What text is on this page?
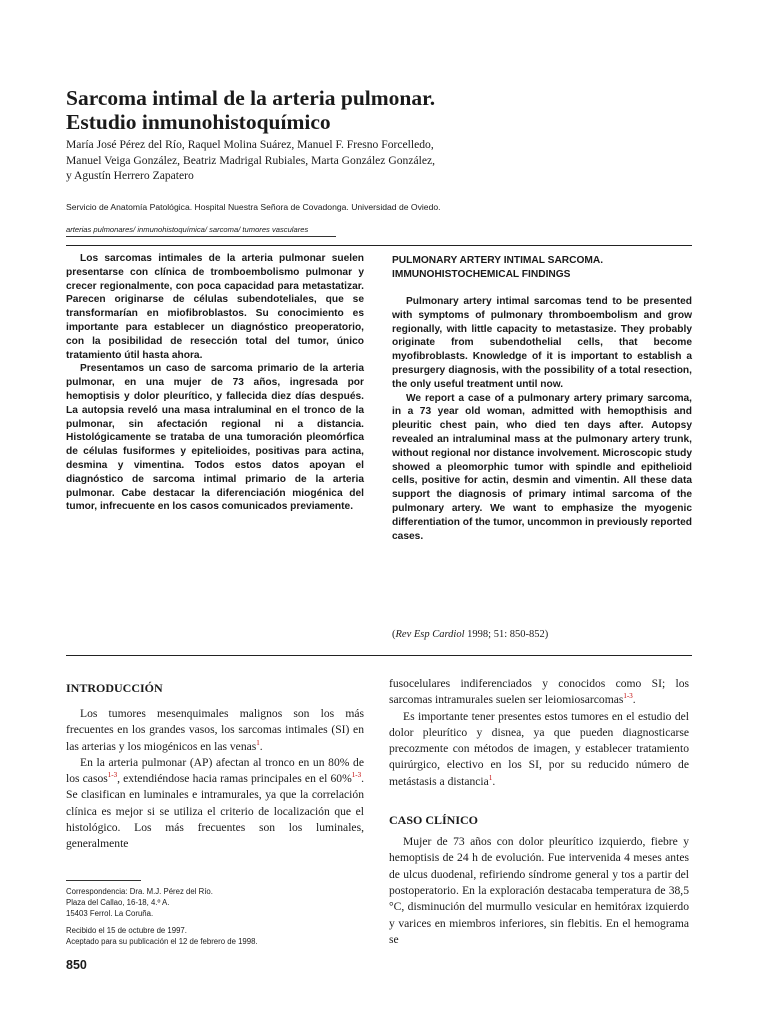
Sarcoma intimal de la arteria pulmonar.
Estudio inmunohistoquímico
María José Pérez del Río, Raquel Molina Suárez, Manuel F. Fresno Forcelledo,
Manuel Veiga González, Beatriz Madrigal Rubiales, Marta González González,
y Agustín Herrero Zapatero
Servicio de Anatomía Patológica. Hospital Nuestra Señora de Covadonga. Universidad de Oviedo.
arterias pulmonares/ inmunohistoquímica/ sarcoma/ tumores vasculares

Los sarcomas intimales de la arteria pulmonar suelen presentarse con clínica de tromboembolismo pulmonar y crecer regionalmente, con poca capacidad para metastatizar. Parecen originarse de células subendoteliales, que se transformarían en miofibroblastos. Su conocimiento es importante para establecer un diagnóstico preoperatorio, con la posibilidad de resección total del tumor, único tratamiento útil hasta ahora.

Presentamos un caso de sarcoma primario de la arteria pulmonar, en una mujer de 73 años, ingresada por hemoptisis y dolor pleurítico, y fallecida diez días después. La autopsia reveló una masa intraluminal en el tronco de la pulmonar, sin afectación regional ni a distancia. Histológicamente se trataba de una tumoración pleomórfica de células fusiformes y epitelioides, positivas para actina, desmina y vimentina. Todos estos datos apoyan el diagnóstico de sarcoma intimal primario de la arteria pulmonar. Cabe destacar la diferenciación miogénica del tumor, infrecuente en los casos comunicados previamente.

PULMONARY ARTERY INTIMAL SARCOMA.
IMMUNOHISTOCHEMICAL FINDINGS

Pulmonary artery intimal sarcomas tend to be presented with symptoms of pulmonary thromboembolism and grow regionally, with little capacity to metastasize. They probably originate from subendothelial cells, that become myofibroblasts. Knowledge of it is important to establish a presurgery diagnosis, with the possibility of a total resection, the only useful treatment until now.

We report a case of a pulmonary artery primary sarcoma, in a 73 year old woman, admitted with hemopthisis and pleuritic chest pain, who died ten days after. Autopsy revealed an intraluminal mass at the pulmonary artery trunk, without regional nor distance involvement. Microscopic study showed a pleomorphic tumor with spindle and epithelioid cells, positive for actin, desmin and vimentin. All these data support the diagnosis of primary intimal sarcoma of the pulmonary artery. We want to emphasize the myogenic differentiation of the tumor, uncommon in previously reported cases.

(Rev Esp Cardiol 1998; 51: 850-852)
INTRODUCCIÓN

Los tumores mesenquimales malignos son los más frecuentes en los grandes vasos, los sarcomas intimales (SI) en las arterias y los miogénicos en las venas$^1$.

En la arteria pulmonar (AP) afectan al tronco en un 80% de los casos$^{1-3}$, extendiéndose hacia ramas principales en el 60%$^{1-3}$. Se clasifican en luminales e intramurales, ya que la correlación clínica es mejor si se utiliza el criterio de localización que el histológico. Los más frecuentes son los luminales, generalmente

fusocelulares indiferenciados y conocidos como SI; los sarcomas intramurales suelen ser leiomiosarcomas$^{1-3}$.

Es importante tener presentes estos tumores en el estudio del dolor pleurítico y disnea, ya que pueden diagnosticarse precozmente con métodos de imagen, y establecer tratamiento quirúrgico, electivo en los SI, por su reducido número de metástasis a distancia$^1$.

CASO CLÍNICO

Mujer de 73 años con dolor pleurítico izquierdo, fiebre y hemoptisis de 24 h de evolución. Fue intervenida 4 meses antes de ulcus duodenal, refiriendo síndrome general y tos a partir del postoperatorio. En la exploración destacaba temperatura de 38,5 °C, disminución del murmullo vesicular en hemitórax izquierdo y varices en miembros inferiores, sin flebitis. En el hemograma se

Correspondencia: Dra. M.J. Pérez del Río.
Plaza del Callao, 16-18, 4.º A.
15403 Ferrol. La Coruña.
Recibido el 15 de octubre de 1997.
Aceptado para su publicación el 12 de febrero de 1998.
850
